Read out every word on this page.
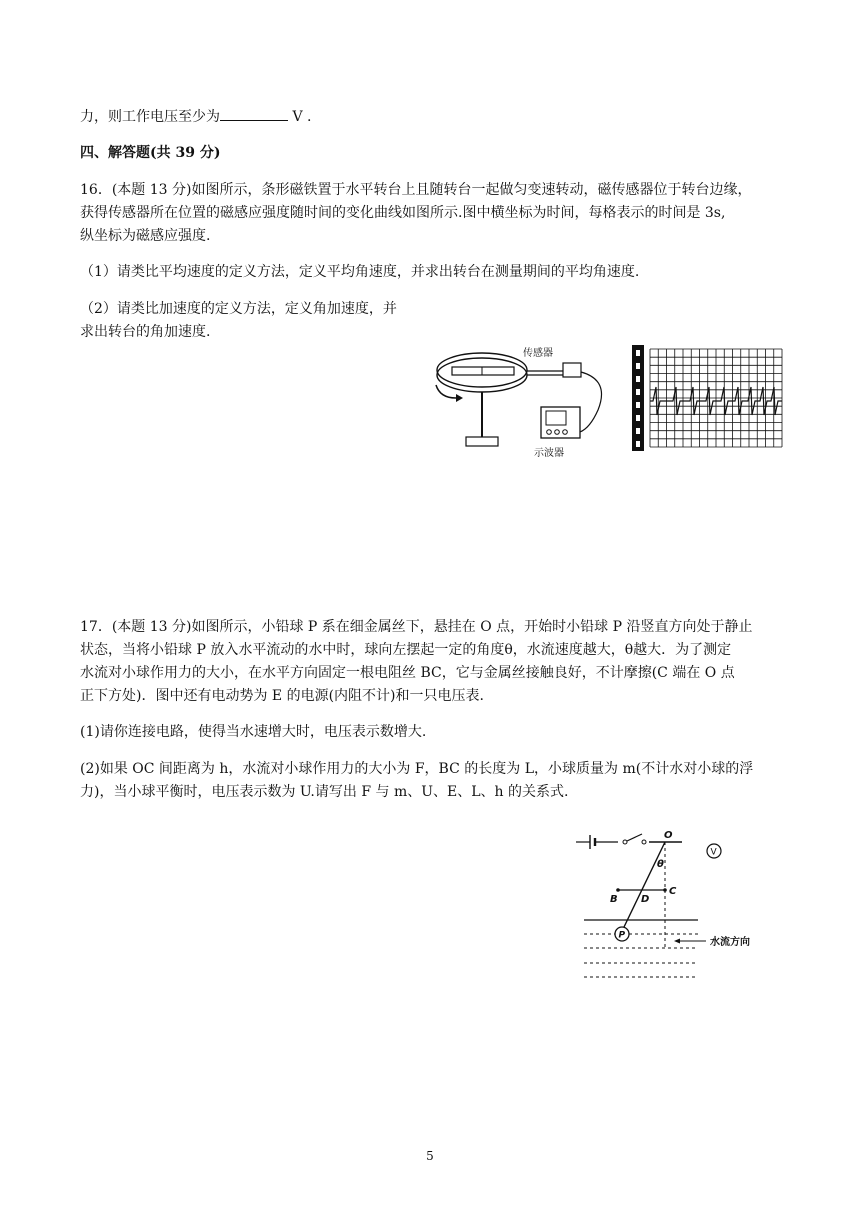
力，则工作电压至少为	V .
四、解答题(共 39 分)
16．(本题 13 分)如图所示，条形磁铁置于水平转台上且随转台一起做匀变速转动，磁传感器位于转台边缘，
获得传感器所在位置的磁感应强度随时间的变化曲线如图所示.图中横坐标为时间，每格表示的时间是 3s,
纵坐标为磁感应强度.
（1）请类比平均速度的定义方法，定义平均角速度，并求出转台在测量期间的平均角速度.
（2）请类比加速度的定义方法，定义角加速度，并
求出转台的角加速度.
传感器
示波器
17．(本题 13 分)如图所示，小铅球 P 系在细金属丝下，悬挂在 O 点，开始时小铅球 P 沿竖直方向处于静止
状态，当将小铅球 P 放入水平流动的水中时，球向左摆起一定的角度θ，水流速度越大，θ越大．为了测定
水流对小球作用力的大小，在水平方向固定一根电阻丝 BC，它与金属丝接触良好，不计摩擦(C 端在 O 点
正下方处)．图中还有电动势为 E 的电源(内阻不计)和一只电压表.
(1)请你连接电路，使得当水速增大时，电压表示数增大.
(2)如果 OC 间距离为 h，水流对小球作用力的大小为 F，BC 的长度为 L，小球质量为 m(不计水对小球的浮
力)，当小球平衡时，电压表示数为 U.请写出 F 与 m、U、E、L、h 的关系式.
O
V
θ
B D
C
P
水流方向
5
